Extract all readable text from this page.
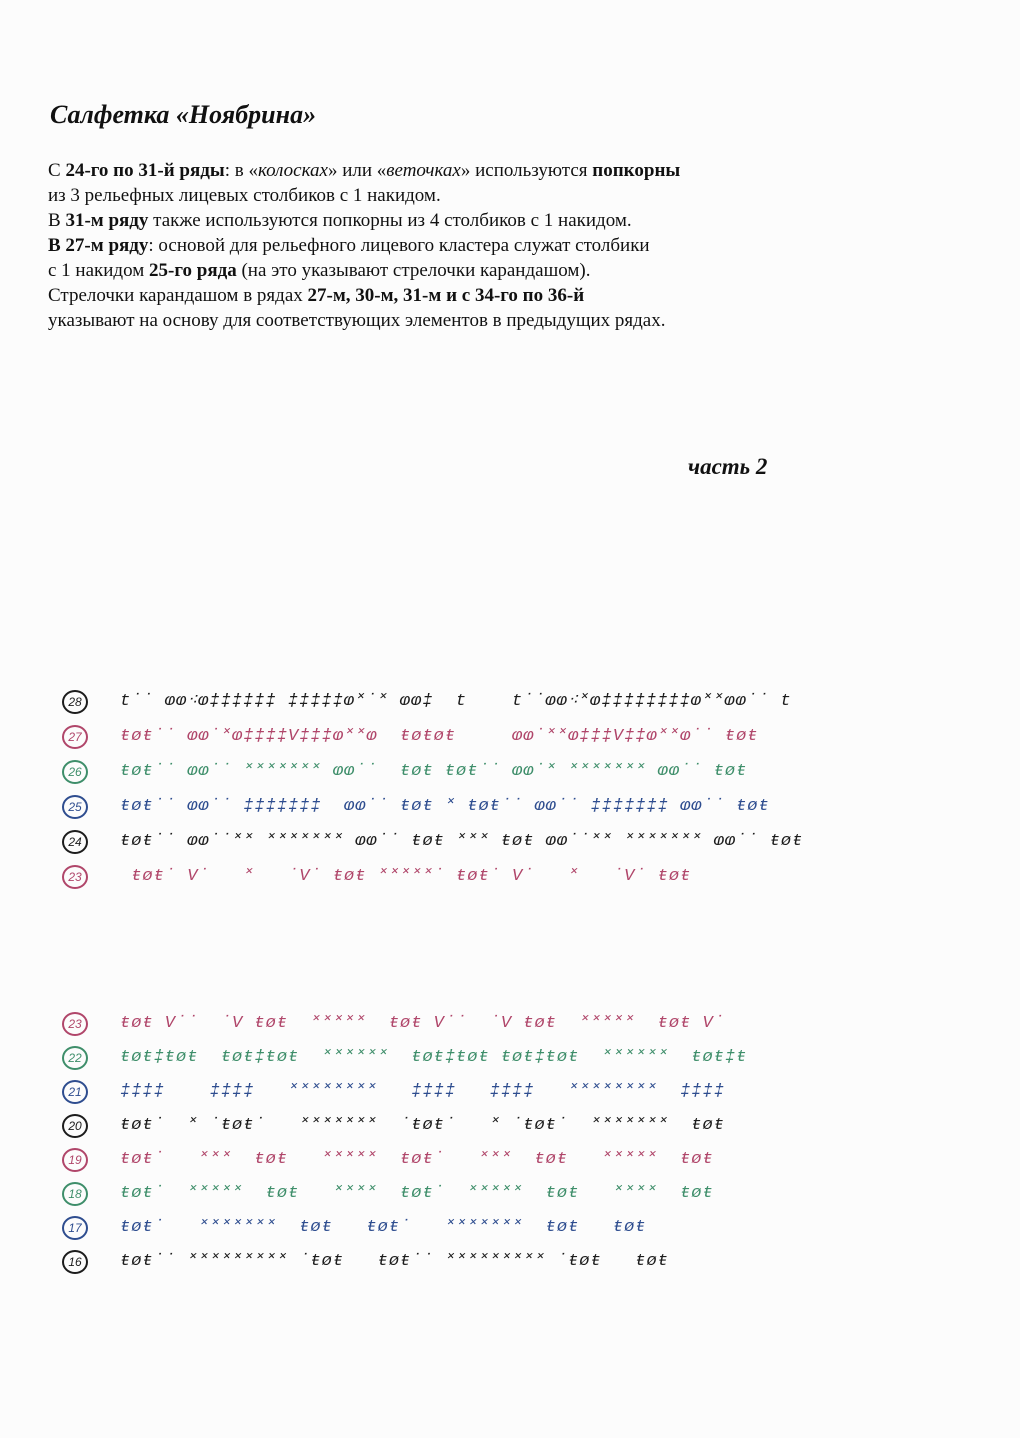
Салфетка «Ноябрина»
С 24-го по 31-й ряды: в «колосках» или «веточках» используются попкорны
из 3 рельефных лицевых столбиков с 1 накидом.
В 31-м ряду также используются попкорны из 4 столбиков с 1 накидом.
В 27-м ряду: основой для рельефного лицевого кластера служат столбики
с 1 накидом 25-го ряда (на это указывают стрелочки карандашом).
Стрелочки карандашом в рядах 27-м, 30-м, 31-м и с 34-го по 36-й
указывают на основу для соответствующих элементов в предыдущих рядах.
часть 2
28	t˙˙ ⱷⱷ⁖ⱷ‡‡‡‡‡‡ ‡‡‡‡‡ⱷ˟˙˟ ⱷⱷ‡  t    t˙˙ⱷⱷ⁖˟ⱷ‡‡‡‡‡‡‡‡ⱷ˟˟ⱷⱷ˙˙ t
27	ŧøŧ˙˙ ⱷⱷ˙˟ⱷ‡‡‡‡V‡‡‡ⱷ˟˟ⱷ  ŧøŧøŧ     ⱷⱷ˙˟˟ⱷ‡‡‡V‡‡ⱷ˟˟ⱷ˙˙ ŧøŧ
26	ŧøŧ˙˙ ⱷⱷ˙˙ ˟˟˟˟˟˟˟ ⱷⱷ˙˙  ŧøŧ ŧøŧ˙˙ ⱷⱷ˙˟ ˟˟˟˟˟˟˟ ⱷⱷ˙˙ ŧøŧ
25	ŧøŧ˙˙ ⱷⱷ˙˙ ‡‡‡‡‡‡‡  ⱷⱷ˙˙ ŧøŧ ˟ ŧøŧ˙˙ ⱷⱷ˙˙ ‡‡‡‡‡‡‡ ⱷⱷ˙˙ ŧøŧ
24	ŧøŧ˙˙ ⱷⱷ˙˙˟˟ ˟˟˟˟˟˟˟ ⱷⱷ˙˙ ŧøŧ ˟˟˟ ŧøŧ ⱷⱷ˙˙˟˟ ˟˟˟˟˟˟˟ ⱷⱷ˙˙ ŧøŧ
23	ŧøŧ˙ V˙   ˟   ˙V˙ ŧøŧ ˟˟˟˟˟˙ ŧøŧ˙ V˙   ˟   ˙V˙ ŧøŧ
23	ŧøŧ V˙˙  ˙V ŧøŧ  ˟˟˟˟˟  ŧøŧ V˙˙  ˙V ŧøŧ  ˟˟˟˟˟  ŧøŧ V˙
22	ŧøŧ‡ŧøŧ  ŧøŧ‡ŧøŧ  ˟˟˟˟˟˟  ŧøŧ‡ŧøŧ ŧøŧ‡ŧøŧ  ˟˟˟˟˟˟  ŧøŧ‡ŧ
21	‡‡‡‡    ‡‡‡‡   ˟˟˟˟˟˟˟˟   ‡‡‡‡   ‡‡‡‡   ˟˟˟˟˟˟˟˟  ‡‡‡‡
20	ŧøŧ˙  ˟ ˙ŧøŧ˙   ˟˟˟˟˟˟˟  ˙ŧøŧ˙   ˟ ˙ŧøŧ˙  ˟˟˟˟˟˟˟  ŧøŧ
19	ŧøŧ˙   ˟˟˟  ŧøŧ   ˟˟˟˟˟  ŧøŧ˙   ˟˟˟  ŧøŧ   ˟˟˟˟˟  ŧøŧ
18	ŧøŧ˙  ˟˟˟˟˟  ŧøŧ   ˟˟˟˟  ŧøŧ˙  ˟˟˟˟˟  ŧøŧ   ˟˟˟˟  ŧøŧ
17	ŧøŧ˙   ˟˟˟˟˟˟˟  ŧøŧ   ŧøŧ˙   ˟˟˟˟˟˟˟  ŧøŧ   ŧøŧ
16	ŧøŧ˙˙ ˟˟˟˟˟˟˟˟˟ ˙ŧøŧ   ŧøŧ˙˙ ˟˟˟˟˟˟˟˟˟ ˙ŧøŧ   ŧøŧ
